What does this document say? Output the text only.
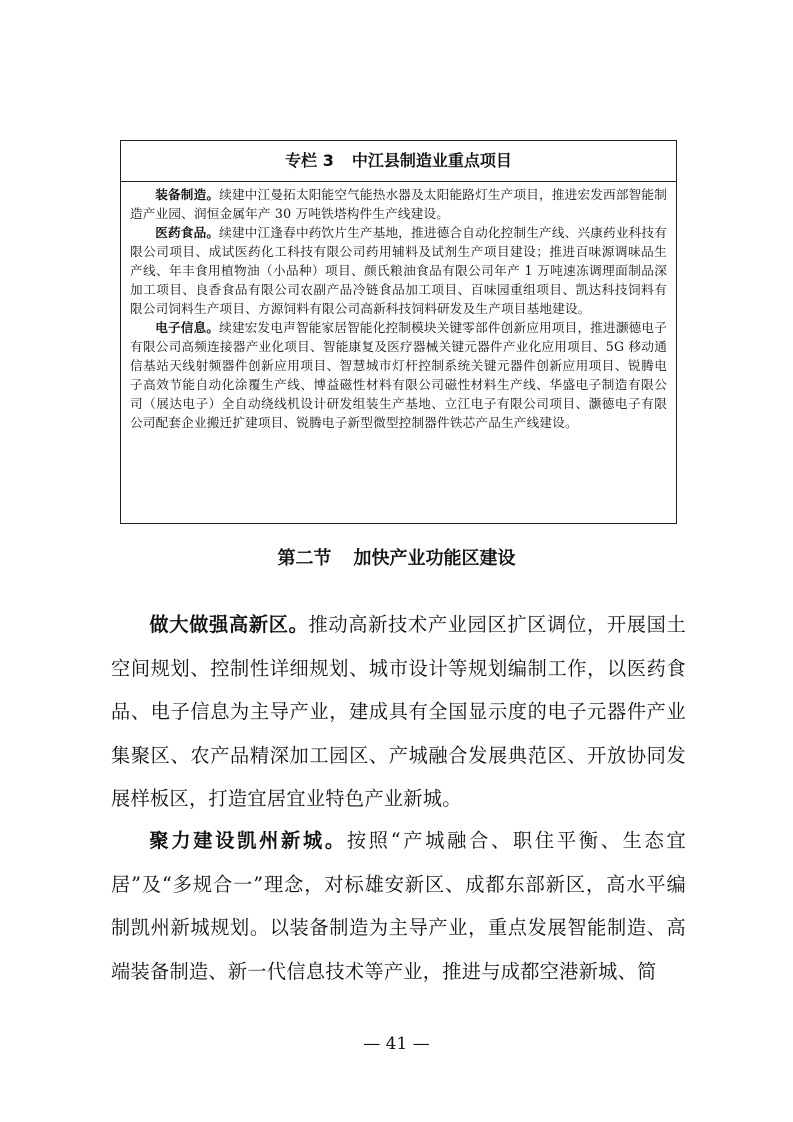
专栏 3 中江县制造业重点项目

装备制造。续建中江曼拓太阳能空气能热水器及太阳能路灯生产项目，推进宏发西部智能制造产业园、润恒金属年产 30 万吨铁塔构件生产线建设。

医药食品。续建中江逢春中药饮片生产基地，推进德合自动化控制生产线、兴康药业科技有限公司项目、成试医药化工科技有限公司药用辅料及试剂生产项目建设；推进百味源调味品生产线、年丰食用植物油（小品种）项目、颜氏粮油食品有限公司年产 1 万吨速冻调理面制品深加工项目、良香食品有限公司农副产品冷链食品加工项目、百味园重组项目、凯达科技饲料有限公司饲料生产项目、方源饲料有限公司高新科技饲料研发及生产项目基地建设。

电子信息。续建宏发电声智能家居智能化控制模块关键零部件创新应用项目，推进灏德电子有限公司高频连接器产业化项目、智能康复及医疗器械关键元器件产业化应用项目、5G 移动通信基站天线射频器件创新应用项目、智慧城市灯杆控制系统关键元器件创新应用项目、锐腾电子高效节能自动化涂覆生产线、博益磁性材料有限公司磁性材料生产线、华盛电子制造有限公司（展达电子）全自动绕线机设计研发组装生产基地、立江电子有限公司项目、灏德电子有限公司配套企业搬迁扩建项目、锐腾电子新型微型控制器件铁芯产品生产线建设。

第二节 加快产业功能区建设

做大做强高新区。推动高新技术产业园区扩区调位，开展国土空间规划、控制性详细规划、城市设计等规划编制工作，以医药食品、电子信息为主导产业，建成具有全国显示度的电子元器件产业集聚区、农产品精深加工园区、产城融合发展典范区、开放协同发展样板区，打造宜居宜业特色产业新城。

聚力建设凯州新城。按照“产城融合、职住平衡、生态宜居”及“多规合一”理念，对标雄安新区、成都东部新区，高水平编制凯州新城规划。以装备制造为主导产业，重点发展智能制造、高端装备制造、新一代信息技术等产业，推进与成都空港新城、简

— 41 —
